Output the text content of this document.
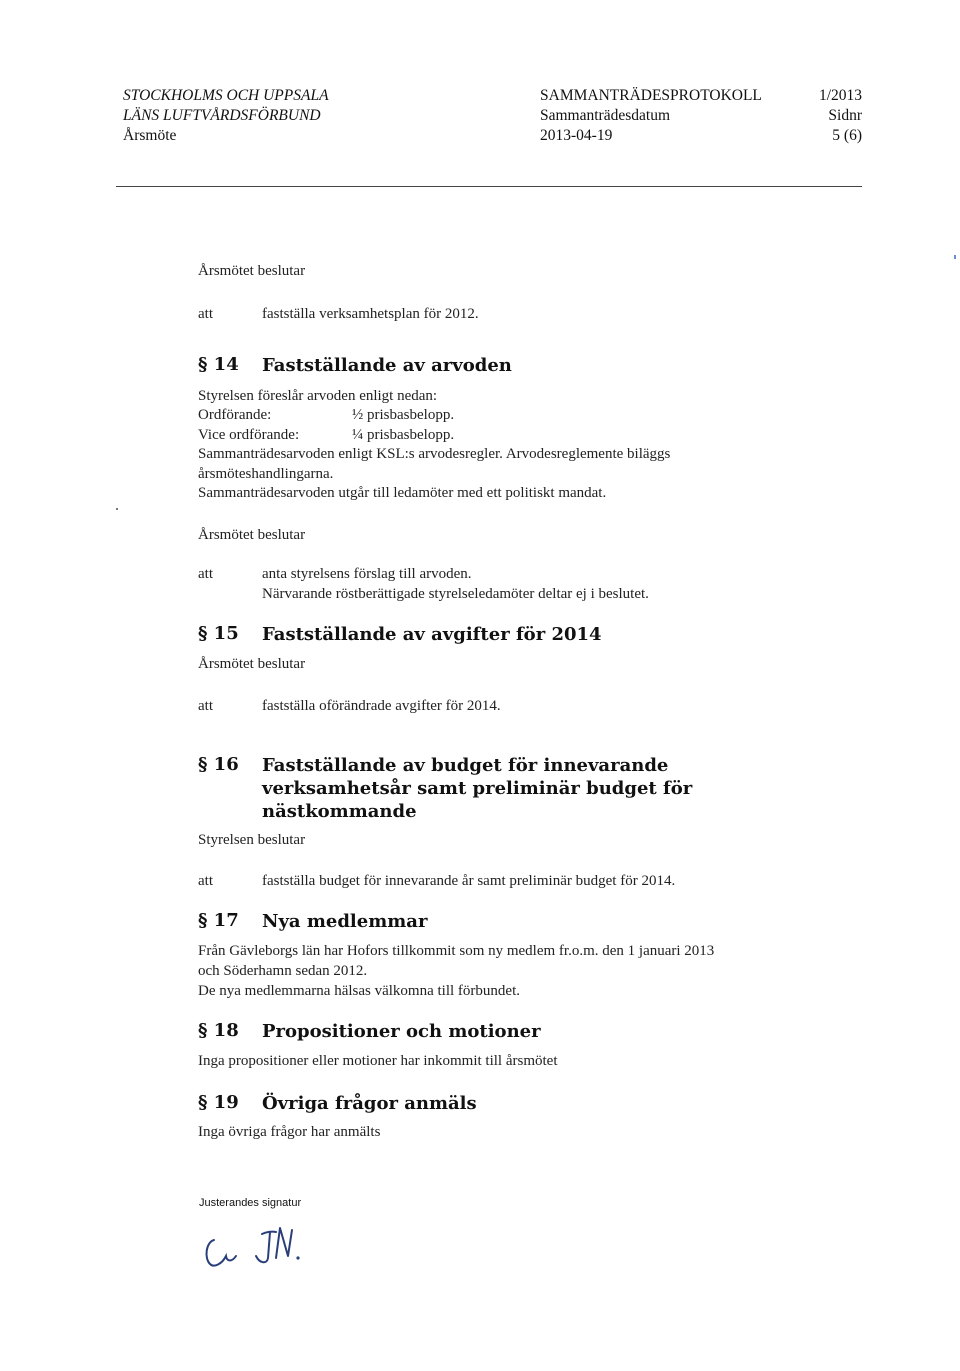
STOCKHOLMS OCH UPPSALA
LÄNS LUFTVÅRDSFÖRBUND
Årsmöte
SAMMANTRÄDESPROTOKOLL
Sammanträdesdatum
2013-04-19
1/2013
Sidnr
5 (6)
Årsmötet beslutar
att	fastställa verksamhetsplan för 2012.
§ 14 Fastställande av arvoden
Styrelsen föreslår arvoden enligt nedan:
Ordförande:	½ prisbasbelopp.
Vice ordförande:	¼ prisbasbelopp.
Sammanträdesarvoden enligt KSL:s arvodesregler. Arvodesreglemente biläggs
årsmöteshandlingarna.
Sammanträdesarvoden utgår till ledamöter med ett politiskt mandat.
Årsmötet beslutar
att	anta styrelsens förslag till arvoden.
Närvarande röstberättigade styrelseledamöter deltar ej i beslutet.
§ 15 Fastställande av avgifter för 2014
Årsmötet beslutar
att	fastställa oförändrade avgifter för 2014.
§ 16 Fastställande av budget för innevarande
verksamhetsår samt preliminär budget för
nästkommande
Styrelsen beslutar
att	fastställa budget för innevarande år samt preliminär budget för 2014.
§ 17 Nya medlemmar
Från Gävleborgs län har Hofors tillkommit som ny medlem fr.o.m. den 1 januari 2013
och Söderhamn sedan 2012.
De nya medlemmarna hälsas välkomna till förbundet.
§ 18 Propositioner och motioner
Inga propositioner eller motioner har inkommit till årsmötet
§ 19 Övriga frågor anmäls
Inga övriga frågor har anmälts
Justerandes signatur
